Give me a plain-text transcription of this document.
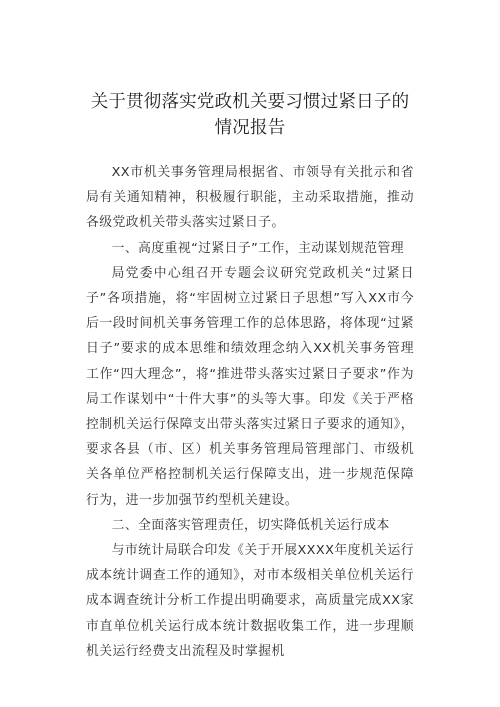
关于贯彻落实党政机关要习惯过紧日子的
情况报告

XX市机关事务管理局根据省、市领导有关批示和省局有关通知精神，积极履行职能，主动采取措施，推动各级党政机关带头落实过紧日子。

一、高度重视“过紧日子”工作，主动谋划规范管理

局党委中心组召开专题会议研究党政机关“过紧日子”各项措施，将“牢固树立过紧日子思想”写入XX市今后一段时间机关事务管理工作的总体思路，将体现“过紧日子”要求的成本思维和绩效理念纳入XX机关事务管理工作“四大理念”，将“推进带头落实过紧日子要求”作为局工作谋划中“十件大事”的头等大事。印发《关于严格控制机关运行保障支出带头落实过紧日子要求的通知》，要求各县（市、区）机关事务管理局管理部门、市级机关各单位严格控制机关运行保障支出，进一步规范保障行为，进一步加强节约型机关建设。

二、全面落实管理责任，切实降低机关运行成本

与市统计局联合印发《关于开展XXXX年度机关运行成本统计调查工作的通知》，对市本级相关单位机关运行成本调查统计分析工作提出明确要求，高质量完成XX家市直单位机关运行成本统计数据收集工作，进一步理顺机关运行经费支出流程及时掌握机
